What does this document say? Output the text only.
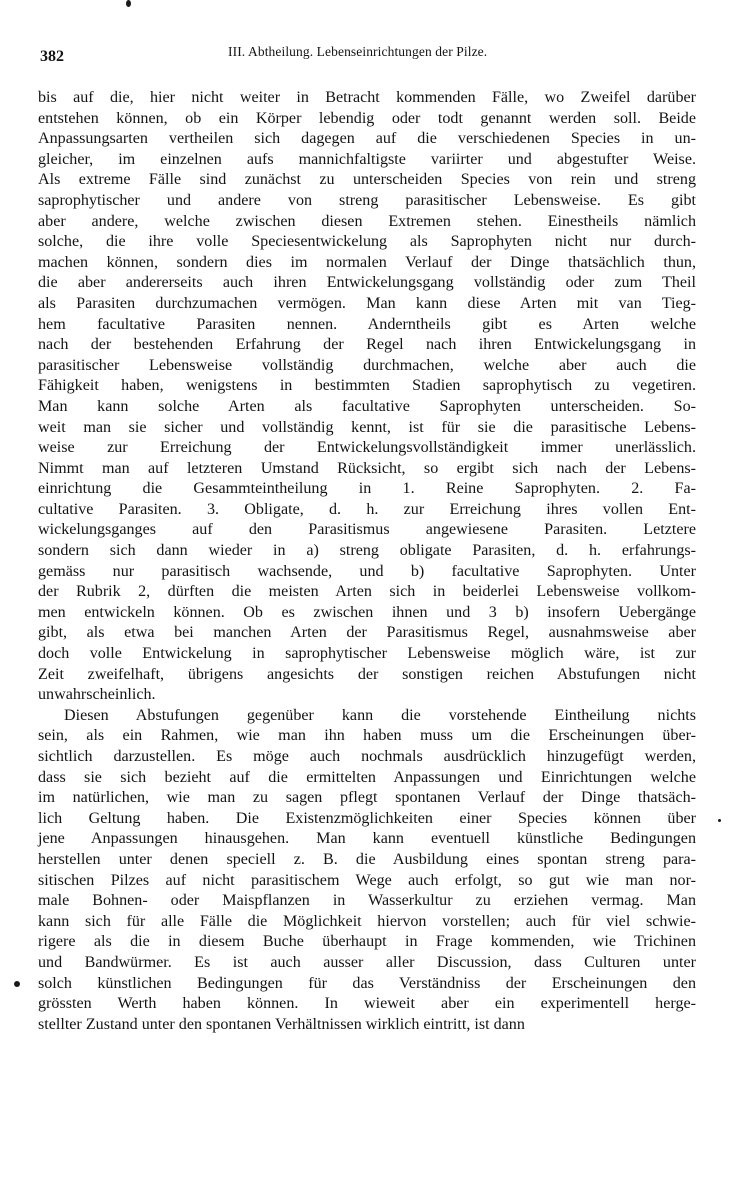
382	III. Abtheilung. Lebenseinrichtungen der Pilze.
bis auf die, hier nicht weiter in Betracht kommenden Fälle, wo Zweifel darüber
entstehen können, ob ein Körper lebendig oder todt genannt werden soll. Beide
Anpassungsarten vertheilen sich dagegen auf die verschiedenen Species in un-
gleicher, im einzelnen aufs mannichfaltigste variirter und abgestufter Weise.
Als extreme Fälle sind zunächst zu unterscheiden Species von rein und streng
saprophytischer und andere von streng parasitischer Lebensweise. Es gibt
aber andere, welche zwischen diesen Extremen stehen. Einestheils nämlich
solche, die ihre volle Speciesentwickelung als Saprophyten nicht nur durch-
machen können, sondern dies im normalen Verlauf der Dinge thatsächlich thun,
die aber andererseits auch ihren Entwickelungsgang vollständig oder zum Theil
als Parasiten durchzumachen vermögen. Man kann diese Arten mit van Tieg-
hem facultative Parasiten nennen. Anderntheils gibt es Arten welche
nach der bestehenden Erfahrung der Regel nach ihren Entwickelungsgang in
parasitischer Lebensweise vollständig durchmachen, welche aber auch die
Fähigkeit haben, wenigstens in bestimmten Stadien saprophytisch zu vegetiren.
Man kann solche Arten als facultative Saprophyten unterscheiden. So-
weit man sie sicher und vollständig kennt, ist für sie die parasitische Lebens-
weise zur Erreichung der Entwickelungsvollständigkeit immer unerlässlich.
Nimmt man auf letzteren Umstand Rücksicht, so ergibt sich nach der Lebens-
einrichtung die Gesammteintheilung in 1. Reine Saprophyten. 2. Fa-
cultative Parasiten. 3. Obligate, d. h. zur Erreichung ihres vollen Ent-
wickelungsganges auf den Parasitismus angewiesene Parasiten. Letztere
sondern sich dann wieder in a) streng obligate Parasiten, d. h. erfahrungs-
gemäss nur parasitisch wachsende, und b) facultative Saprophyten. Unter
der Rubrik 2, dürften die meisten Arten sich in beiderlei Lebensweise vollkom-
men entwickeln können. Ob es zwischen ihnen und 3 b) insofern Uebergänge
gibt, als etwa bei manchen Arten der Parasitismus Regel, ausnahmsweise aber
doch volle Entwickelung in saprophytischer Lebensweise möglich wäre, ist zur
Zeit zweifelhaft, übrigens angesichts der sonstigen reichen Abstufungen nicht
unwahrscheinlich.
Diesen Abstufungen gegenüber kann die vorstehende Eintheilung nichts
sein, als ein Rahmen, wie man ihn haben muss um die Erscheinungen über-
sichtlich darzustellen. Es möge auch nochmals ausdrücklich hinzugefügt werden,
dass sie sich bezieht auf die ermittelten Anpassungen und Einrichtungen welche
im natürlichen, wie man zu sagen pflegt spontanen Verlauf der Dinge thatsäch-
lich Geltung haben. Die Existenzmöglichkeiten einer Species können über
jene Anpassungen hinausgehen. Man kann eventuell künstliche Bedingungen
herstellen unter denen speciell z. B. die Ausbildung eines spontan streng para-
sitischen Pilzes auf nicht parasitischem Wege auch erfolgt, so gut wie man nor-
male Bohnen- oder Maispflanzen in Wasserkultur zu erziehen vermag. Man
kann sich für alle Fälle die Möglichkeit hiervon vorstellen; auch für viel schwie-
rigere als die in diesem Buche überhaupt in Frage kommenden, wie Trichinen
und Bandwürmer. Es ist auch ausser aller Discussion, dass Culturen unter
solch künstlichen Bedingungen für das Verständniss der Erscheinungen den
grössten Werth haben können. In wieweit aber ein experimentell herge-
stellter Zustand unter den spontanen Verhältnissen wirklich eintritt, ist dann
